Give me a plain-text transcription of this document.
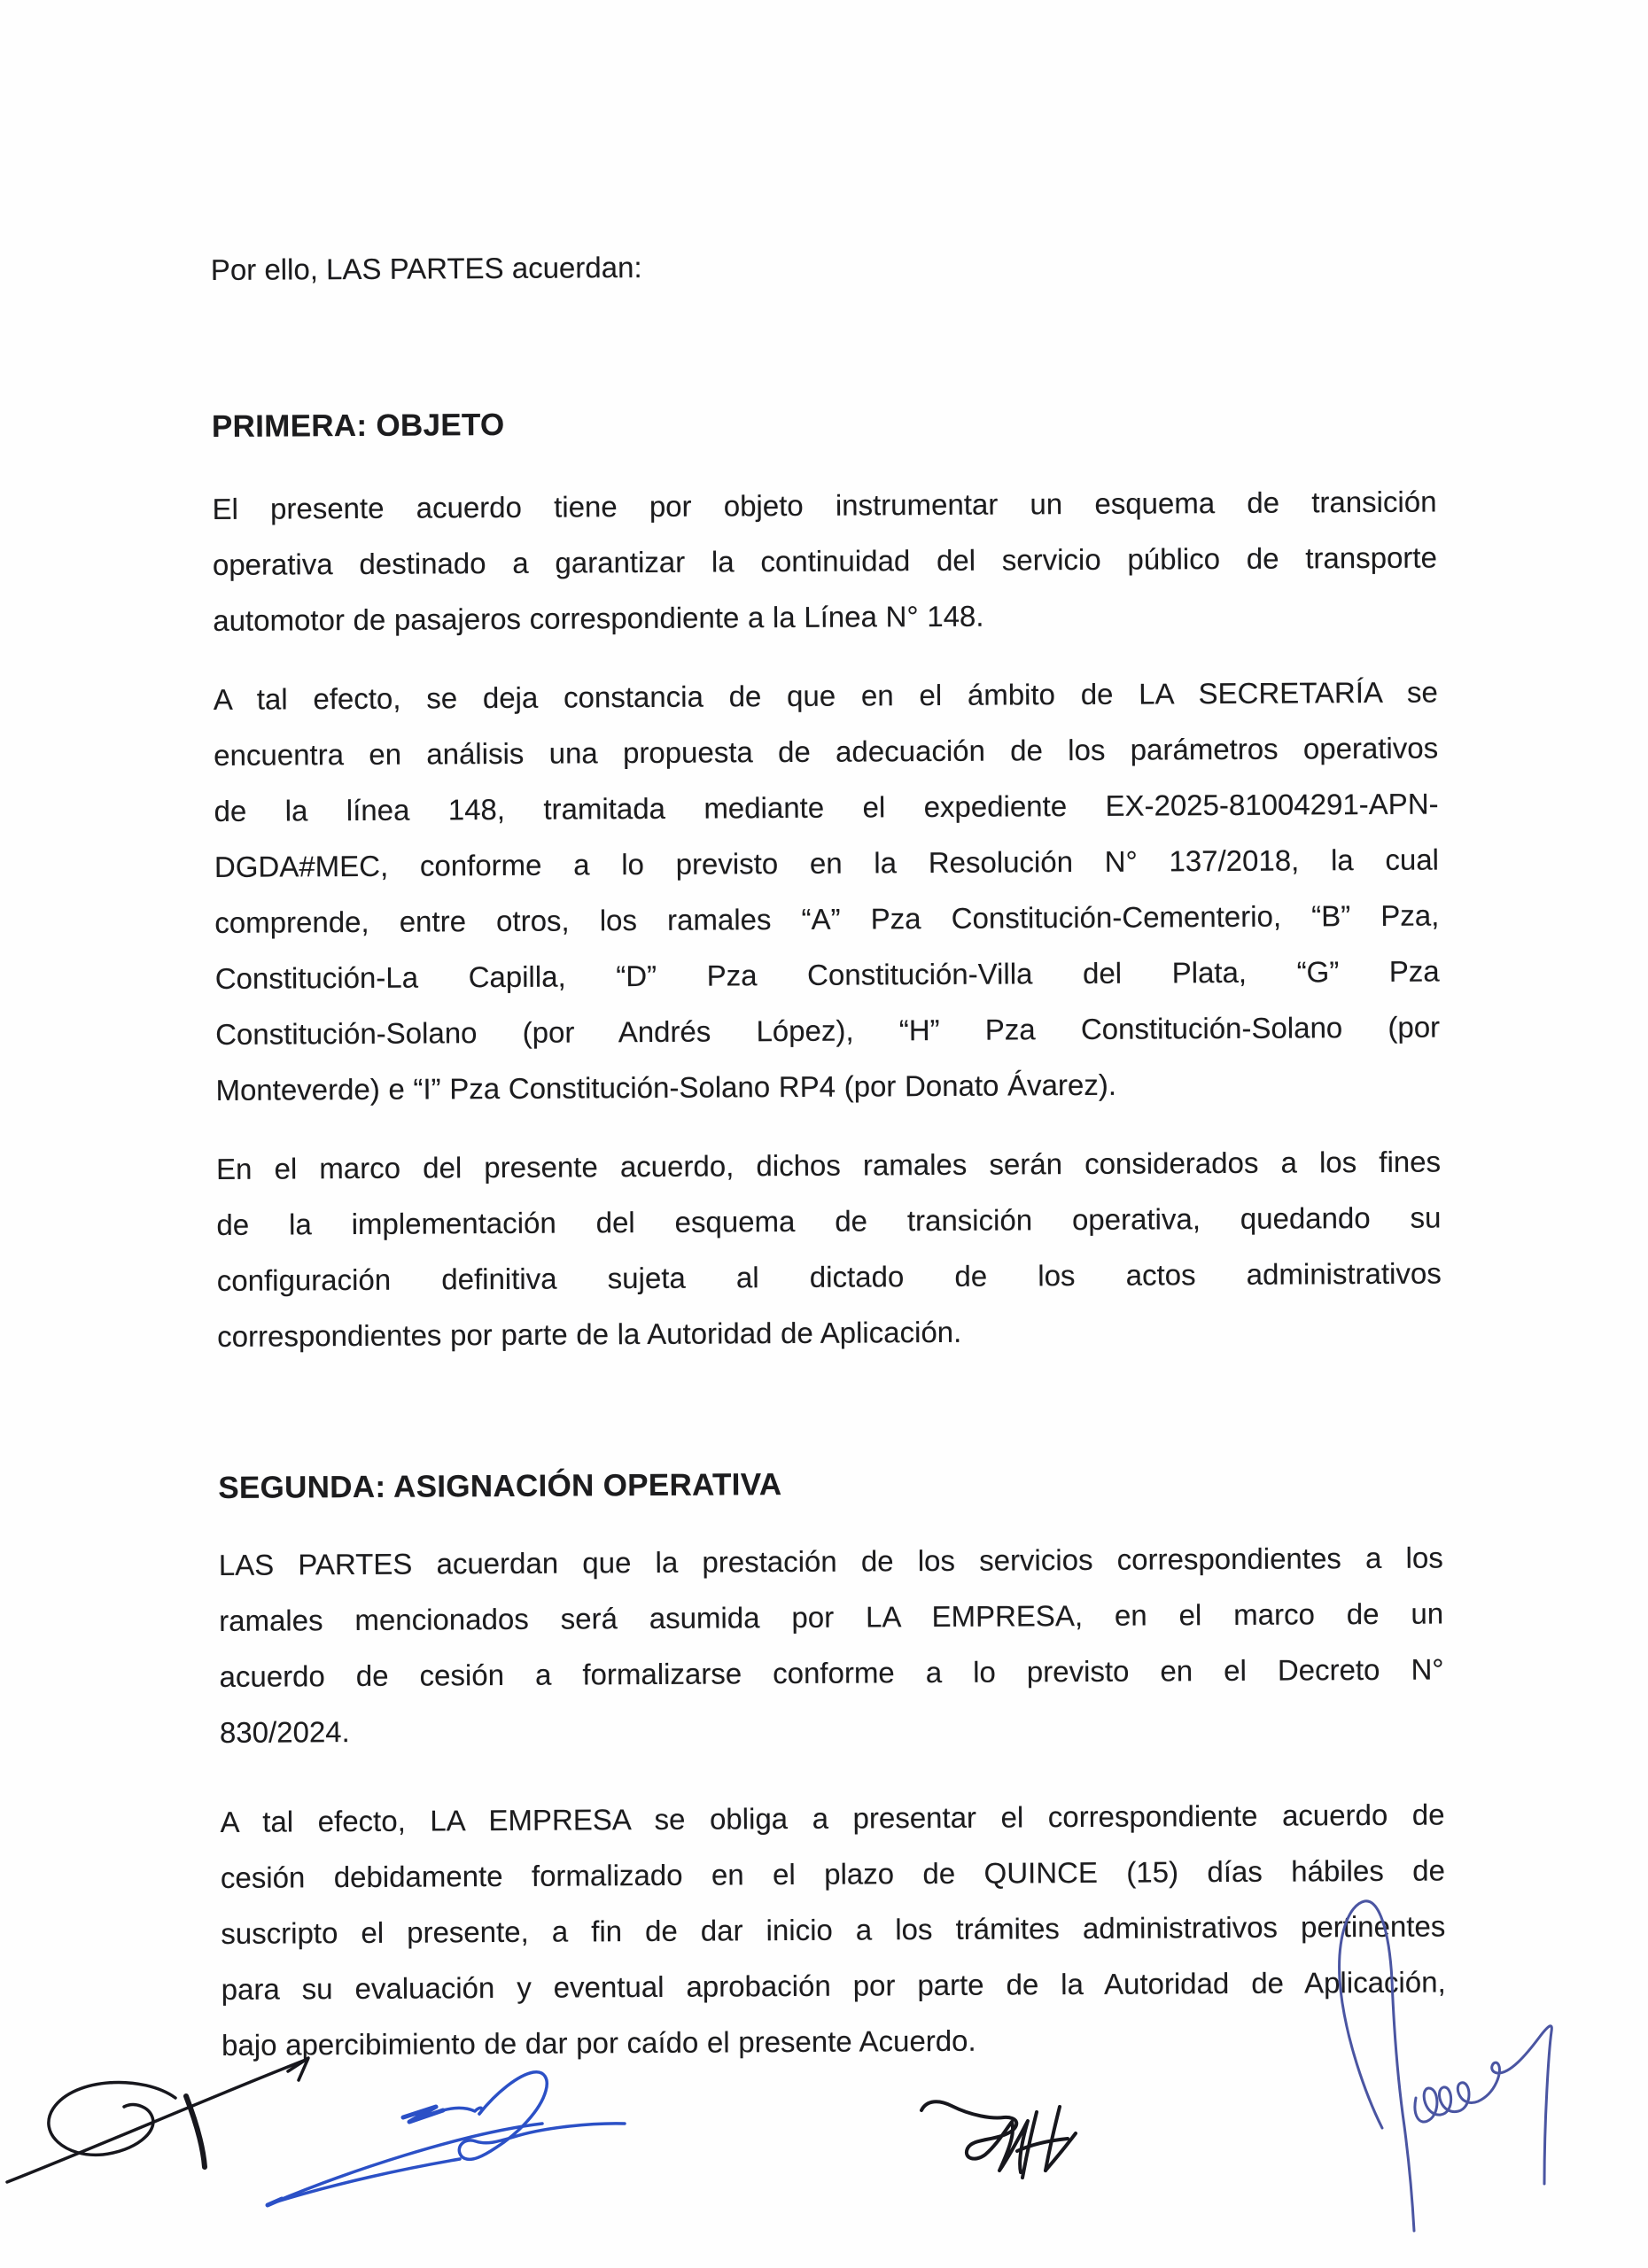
Por ello, LAS PARTES acuerdan:

PRIMERA: OBJETO
El presente acuerdo tiene por objeto instrumentar un esquema de transición
operativa destinado a garantizar la continuidad del servicio público de transporte
automotor de pasajeros correspondiente a la Línea N° 148.
A tal efecto, se deja constancia de que en el ámbito de LA SECRETARÍA se
encuentra en análisis una propuesta de adecuación de los parámetros operativos
de la línea 148, tramitada mediante el expediente EX-2025-81004291-APN-
DGDA#MEC, conforme a lo previsto en la Resolución N° 137/2018, la cual
comprende, entre otros, los ramales “A” Pza Constitución-Cementerio, “B” Pza,
Constitución-La Capilla, “D” Pza Constitución-Villa del Plata, “G” Pza
Constitución-Solano (por Andrés López), “H” Pza Constitución-Solano (por
Monteverde) e “I” Pza Constitución-Solano RP4 (por Donato Ávarez).
En el marco del presente acuerdo, dichos ramales serán considerados a los fines
de la implementación del esquema de transición operativa, quedando su
configuración definitiva sujeta al dictado de los actos administrativos
correspondientes por parte de la Autoridad de Aplicación.
SEGUNDA: ASIGNACIÓN OPERATIVA
LAS PARTES acuerdan que la prestación de los servicios correspondientes a los
ramales mencionados será asumida por LA EMPRESA, en el marco de un
acuerdo de cesión a formalizarse conforme a lo previsto en el Decreto N°
830/2024.
A tal efecto, LA EMPRESA se obliga a presentar el correspondiente acuerdo de
cesión debidamente formalizado en el plazo de QUINCE (15) días hábiles de
suscripto el presente, a fin de dar inicio a los trámites administrativos pertinentes
para su evaluación y eventual aprobación por parte de la Autoridad de Aplicación,
bajo apercibimiento de dar por caído el presente Acuerdo.
